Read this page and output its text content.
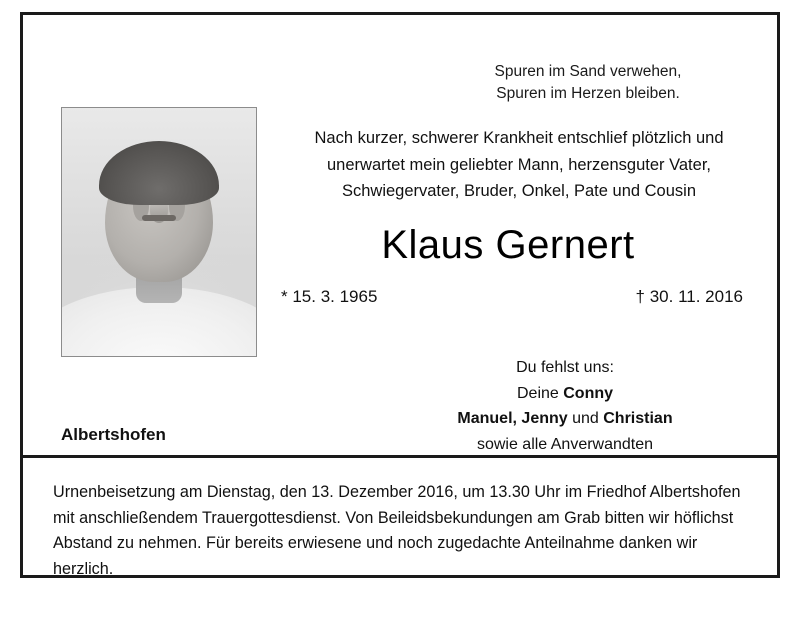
Spuren im Sand verwehen,
Spuren im Herzen bleiben.
Nach kurzer, schwerer Krankheit entschlief plötzlich und unerwartet mein geliebter Mann, herzensguter Vater, Schwiegervater, Bruder, Onkel, Pate und Cousin
Klaus Gernert
* 15. 3. 1965	† 30. 11. 2016
Du fehlst uns:
Deine Conny
Manuel, Jenny und Christian
sowie alle Anverwandten
Albertshofen
Urnenbeisetzung am Dienstag, den 13. Dezember 2016, um 13.30 Uhr im Friedhof Albertshofen mit anschließendem Trauergottesdienst. Von Beileidsbekundungen am Grab bitten wir höflichst Abstand zu nehmen. Für bereits erwiesene und noch zugedachte Anteilnahme danken wir herzlich.
